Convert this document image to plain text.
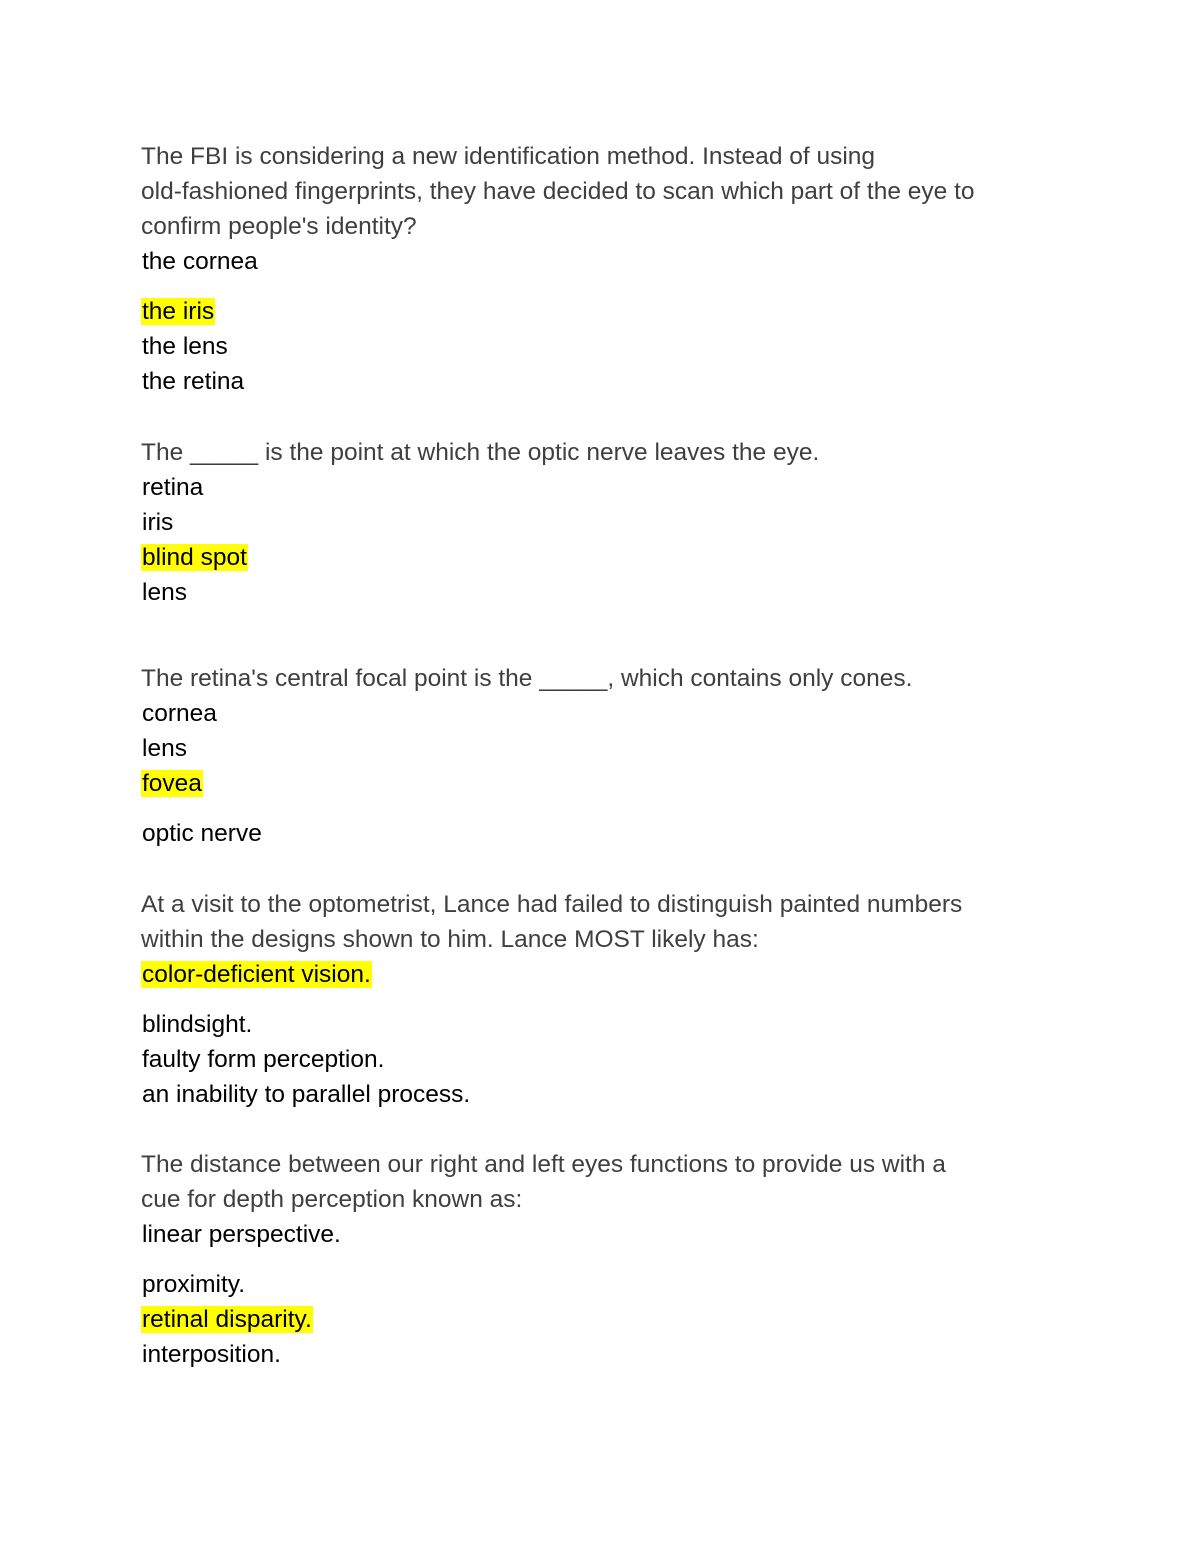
The FBI is considering a new identification method. Instead of using
old-fashioned fingerprints, they have decided to scan which part of the eye to
confirm people's identity?
the cornea
the iris
the lens
the retina
The _____ is the point at which the optic nerve leaves the eye.
retina
iris
blind spot
lens
The retina's central focal point is the _____, which contains only cones.
cornea
lens
fovea
optic nerve
At a visit to the optometrist, Lance had failed to distinguish painted numbers
within the designs shown to him. Lance MOST likely has:
color-deficient vision.
blindsight.
faulty form perception.
an inability to parallel process.
The distance between our right and left eyes functions to provide us with a
cue for depth perception known as:
linear perspective.
proximity.
retinal disparity.
interposition.
